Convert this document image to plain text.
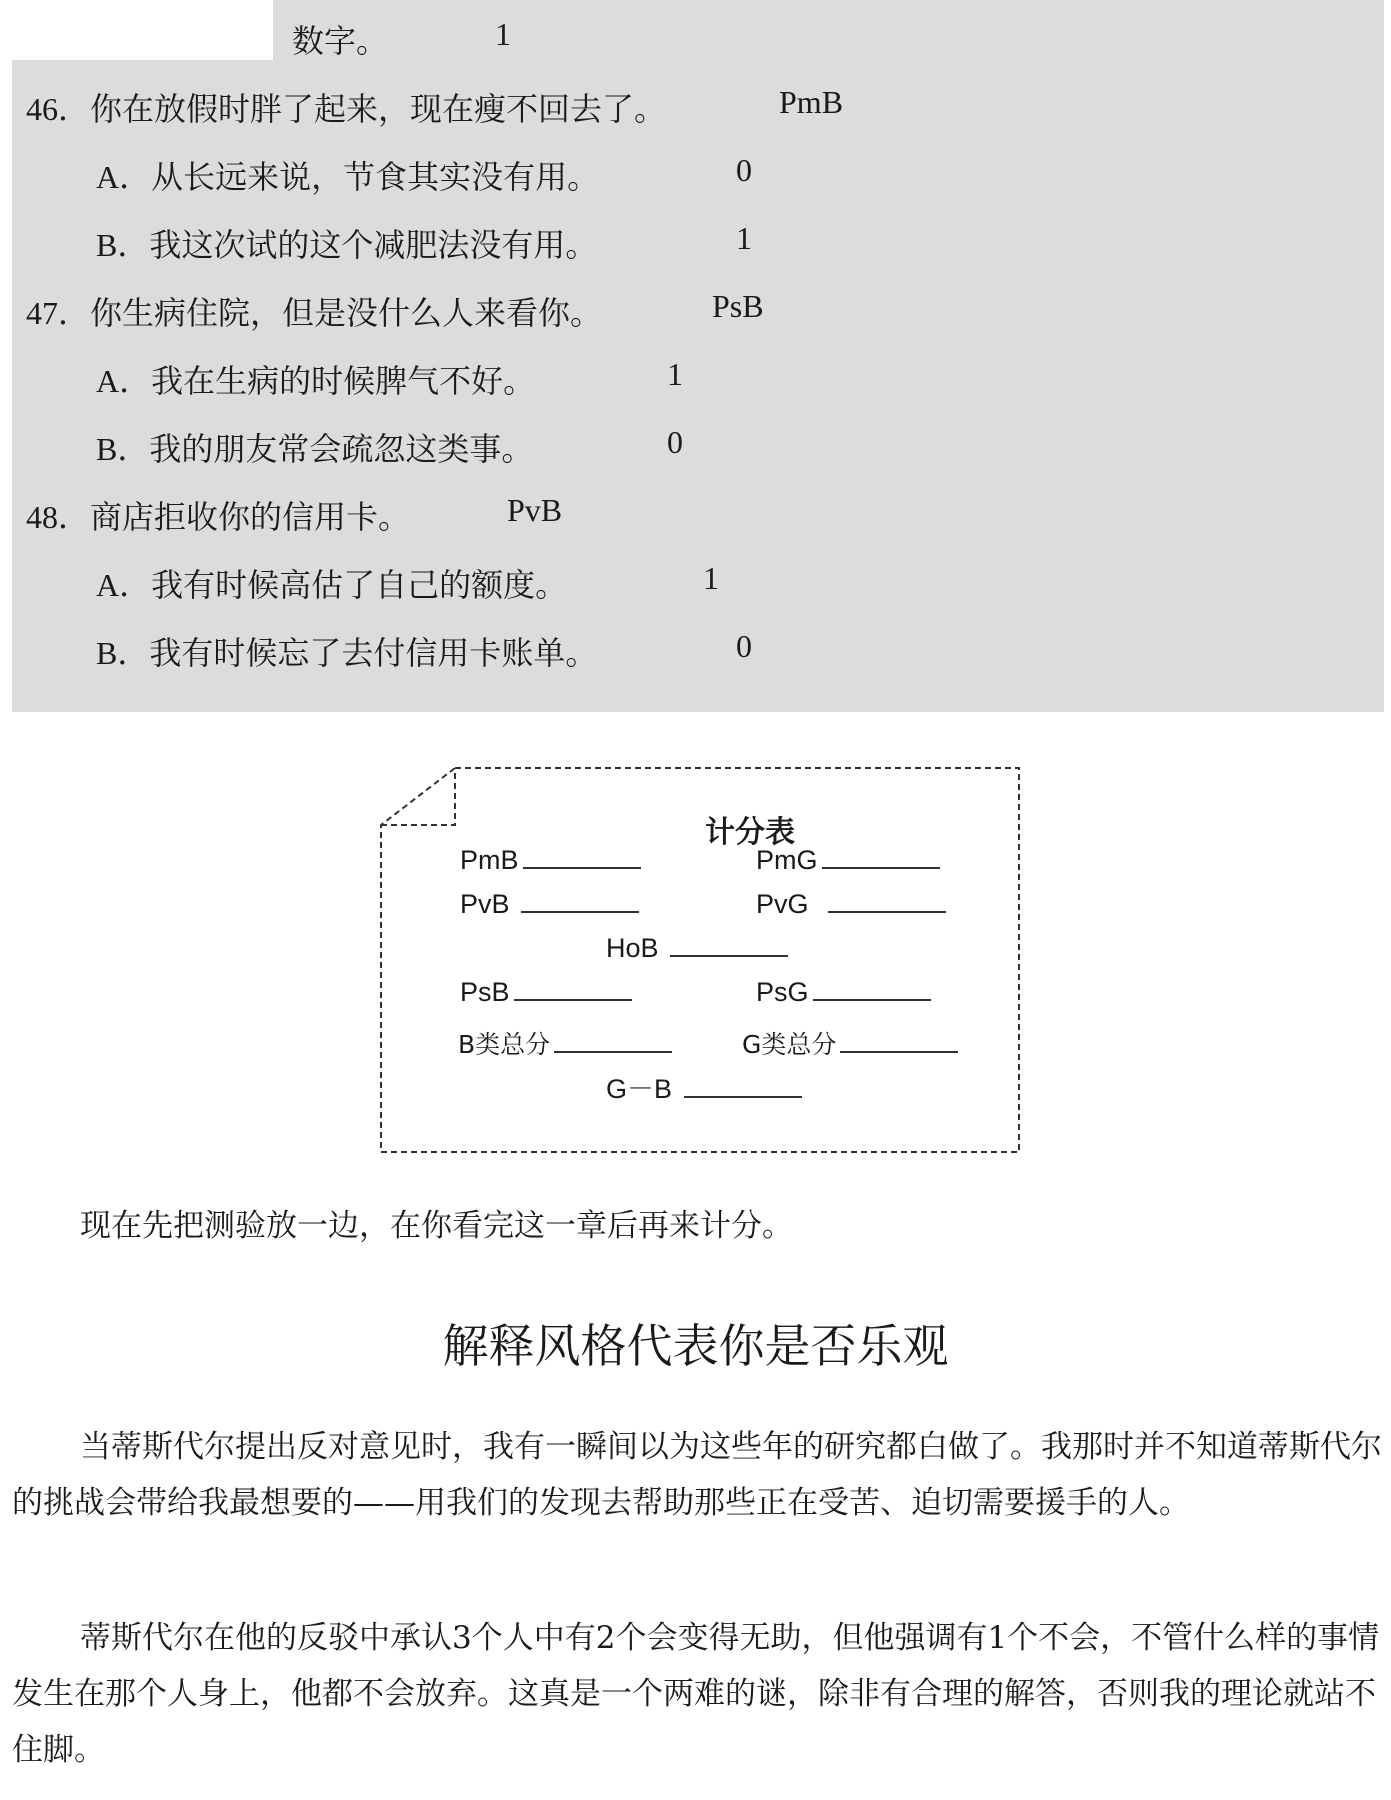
数字。	1
46．你在放假时胖了起来，现在瘦不回去了。	PmB
A．从长远来说，节食其实没有用。	0
B．我这次试的这个减肥法没有用。	1
47．你生病住院，但是没什么人来看你。	PsB
A．我在生病的时候脾气不好。	1
B．我的朋友常会疏忽这类事。	0
48．商店拒收你的信用卡。	PvB
A．我有时候高估了自己的额度。	1
B．我有时候忘了去付信用卡账单。	0
计分表
PmB	PmG
PvB	PvG
HoB
PsB	PsG
B类总分	G类总分
G－B
现在先把测验放一边，在你看完这一章后再来计分。
解释风格代表你是否乐观
当蒂斯代尔提出反对意见时，我有一瞬间以为这些年的研究都白做了。我那时并不知道蒂斯代尔的挑战会带给我最想要的——用我们的发现去帮助那些正在受苦、迫切需要援手的人。
蒂斯代尔在他的反驳中承认3个人中有2个会变得无助，但他强调有1个不会，不管什么样的事情发生在那个人身上，他都不会放弃。这真是一个两难的谜，除非有合理的解答，否则我的理论就站不住脚。
